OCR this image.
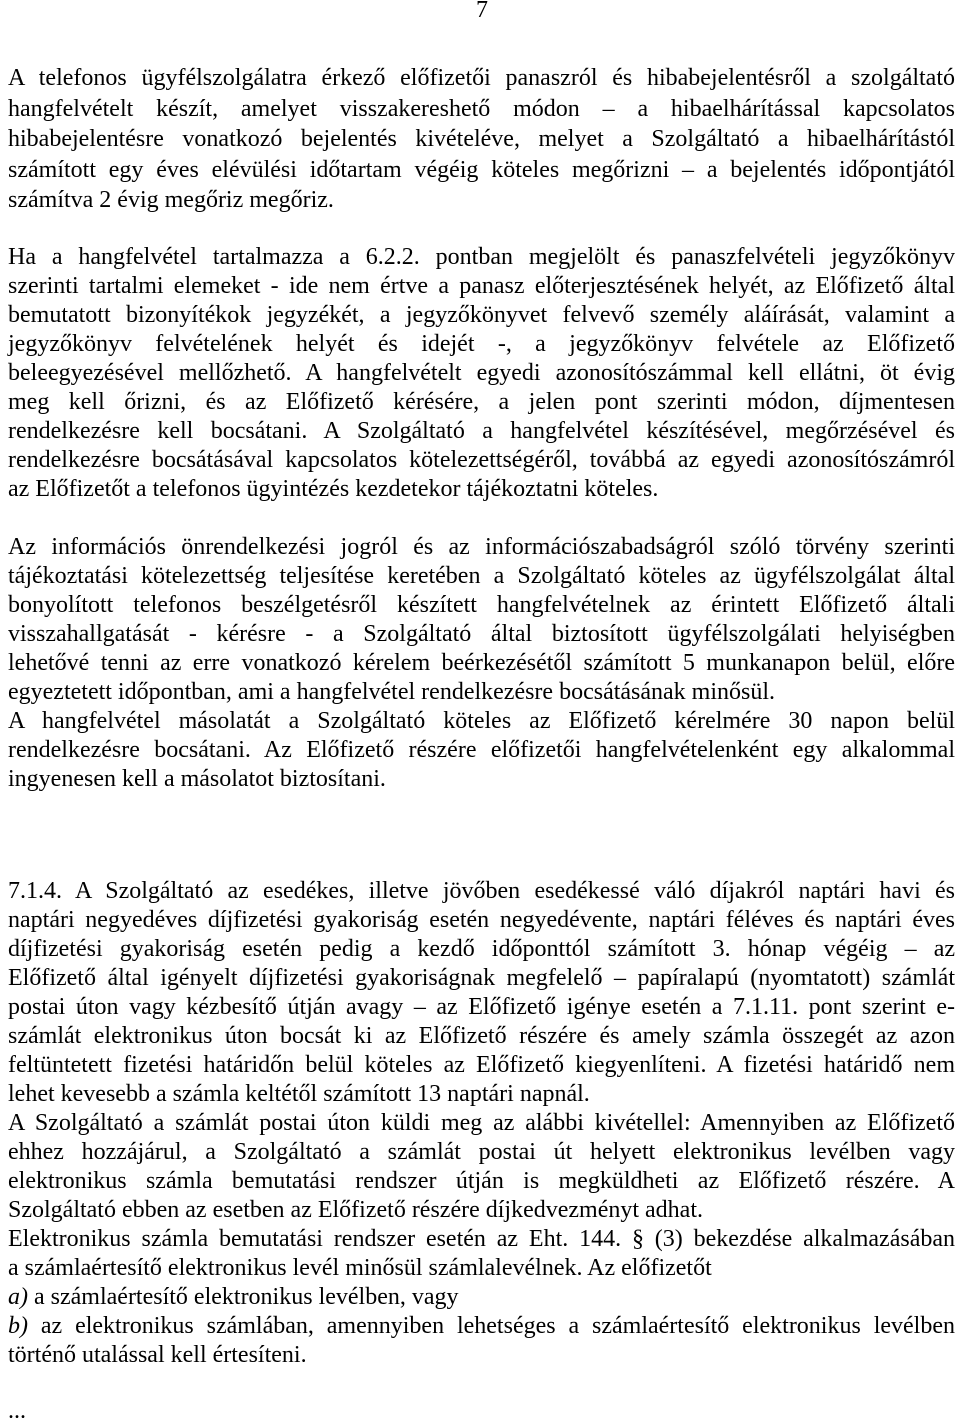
7
A telefonos ügyfélszolgálatra érkező előfizetői panaszról és hibabejelentésről a szolgáltató
hangfelvételt készít, amelyet visszakereshető módon – a hibaelhárítással kapcsolatos
hibabejelentésre vonatkozó bejelentés kivételéve, melyet a Szolgáltató a hibaelhárítástól
számított egy éves elévülési időtartam végéig köteles megőrizni – a bejelentés időpontjától
számítva 2 évig megőriz megőriz.
Ha a hangfelvétel tartalmazza a 6.2.2. pontban megjelölt és panaszfelvételi jegyzőkönyv
szerinti tartalmi elemeket - ide nem értve a panasz előterjesztésének helyét, az Előfizető által
bemutatott bizonyítékok jegyzékét, a jegyzőkönyvet felvevő személy aláírását, valamint a
jegyzőkönyv felvételének helyét és idejét -, a jegyzőkönyv felvétele az Előfizető
beleegyezésével mellőzhető. A hangfelvételt egyedi azonosítószámmal kell ellátni, öt évig
meg kell őrizni, és az Előfizető kérésére, a jelen pont szerinti módon, díjmentesen
rendelkezésre kell bocsátani. A Szolgáltató a hangfelvétel készítésével, megőrzésével és
rendelkezésre bocsátásával kapcsolatos kötelezettségéről, továbbá az egyedi azonosítószámról
az Előfizetőt a telefonos ügyintézés kezdetekor tájékoztatni köteles.
Az információs önrendelkezési jogról és az információszabadságról szóló törvény szerinti
tájékoztatási kötelezettség teljesítése keretében a Szolgáltató köteles az ügyfélszolgálat által
bonyolított telefonos beszélgetésről készített hangfelvételnek az érintett Előfizető általi
visszahallgatását - kérésre - a Szolgáltató által biztosított ügyfélszolgálati helyiségben
lehetővé tenni az erre vonatkozó kérelem beérkezésétől számított 5 munkanapon belül, előre
egyeztetett időpontban, ami a hangfelvétel rendelkezésre bocsátásának minősül.
A hangfelvétel másolatát a Szolgáltató köteles az Előfizető kérelmére 30 napon belül
rendelkezésre bocsátani. Az Előfizető részére előfizetői hangfelvételenként egy alkalommal
ingyenesen kell a másolatot biztosítani.
7.1.4. A Szolgáltató az esedékes, illetve jövőben esedékessé váló díjakról naptári havi és
naptári negyedéves díjfizetési gyakoriság esetén negyedévente, naptári féléves és naptári éves
díjfizetési gyakoriság esetén pedig a kezdő időponttól számított 3. hónap végéig – az
Előfizető által igényelt díjfizetési gyakoriságnak megfelelő – papíralapú (nyomtatott) számlát
postai úton vagy kézbesítő útján avagy – az Előfizető igénye esetén a 7.1.11. pont szerint e-
számlát elektronikus úton bocsát ki az Előfizető részére és amely számla összegét az azon
feltüntetett fizetési határidőn belül köteles az Előfizető kiegyenlíteni. A fizetési határidő nem
lehet kevesebb a számla keltétől számított 13 naptári napnál.
A Szolgáltató a számlát postai úton küldi meg az alábbi kivétellel: Amennyiben az Előfizető
ehhez hozzájárul, a Szolgáltató a számlát postai út helyett elektronikus levélben vagy
elektronikus számla bemutatási rendszer útján is megküldheti az Előfizető részére. A
Szolgáltató ebben az esetben az Előfizető részére díjkedvezményt adhat.
Elektronikus számla bemutatási rendszer esetén az Eht. 144. § (3) bekezdése alkalmazásában
a számlaértesítő elektronikus levél minősül számlalevélnek. Az előfizetőt
a) a számlaértesítő elektronikus levélben, vagy
b) az elektronikus számlában, amennyiben lehetséges a számlaértesítő elektronikus levélben
történő utalással kell értesíteni.
...
